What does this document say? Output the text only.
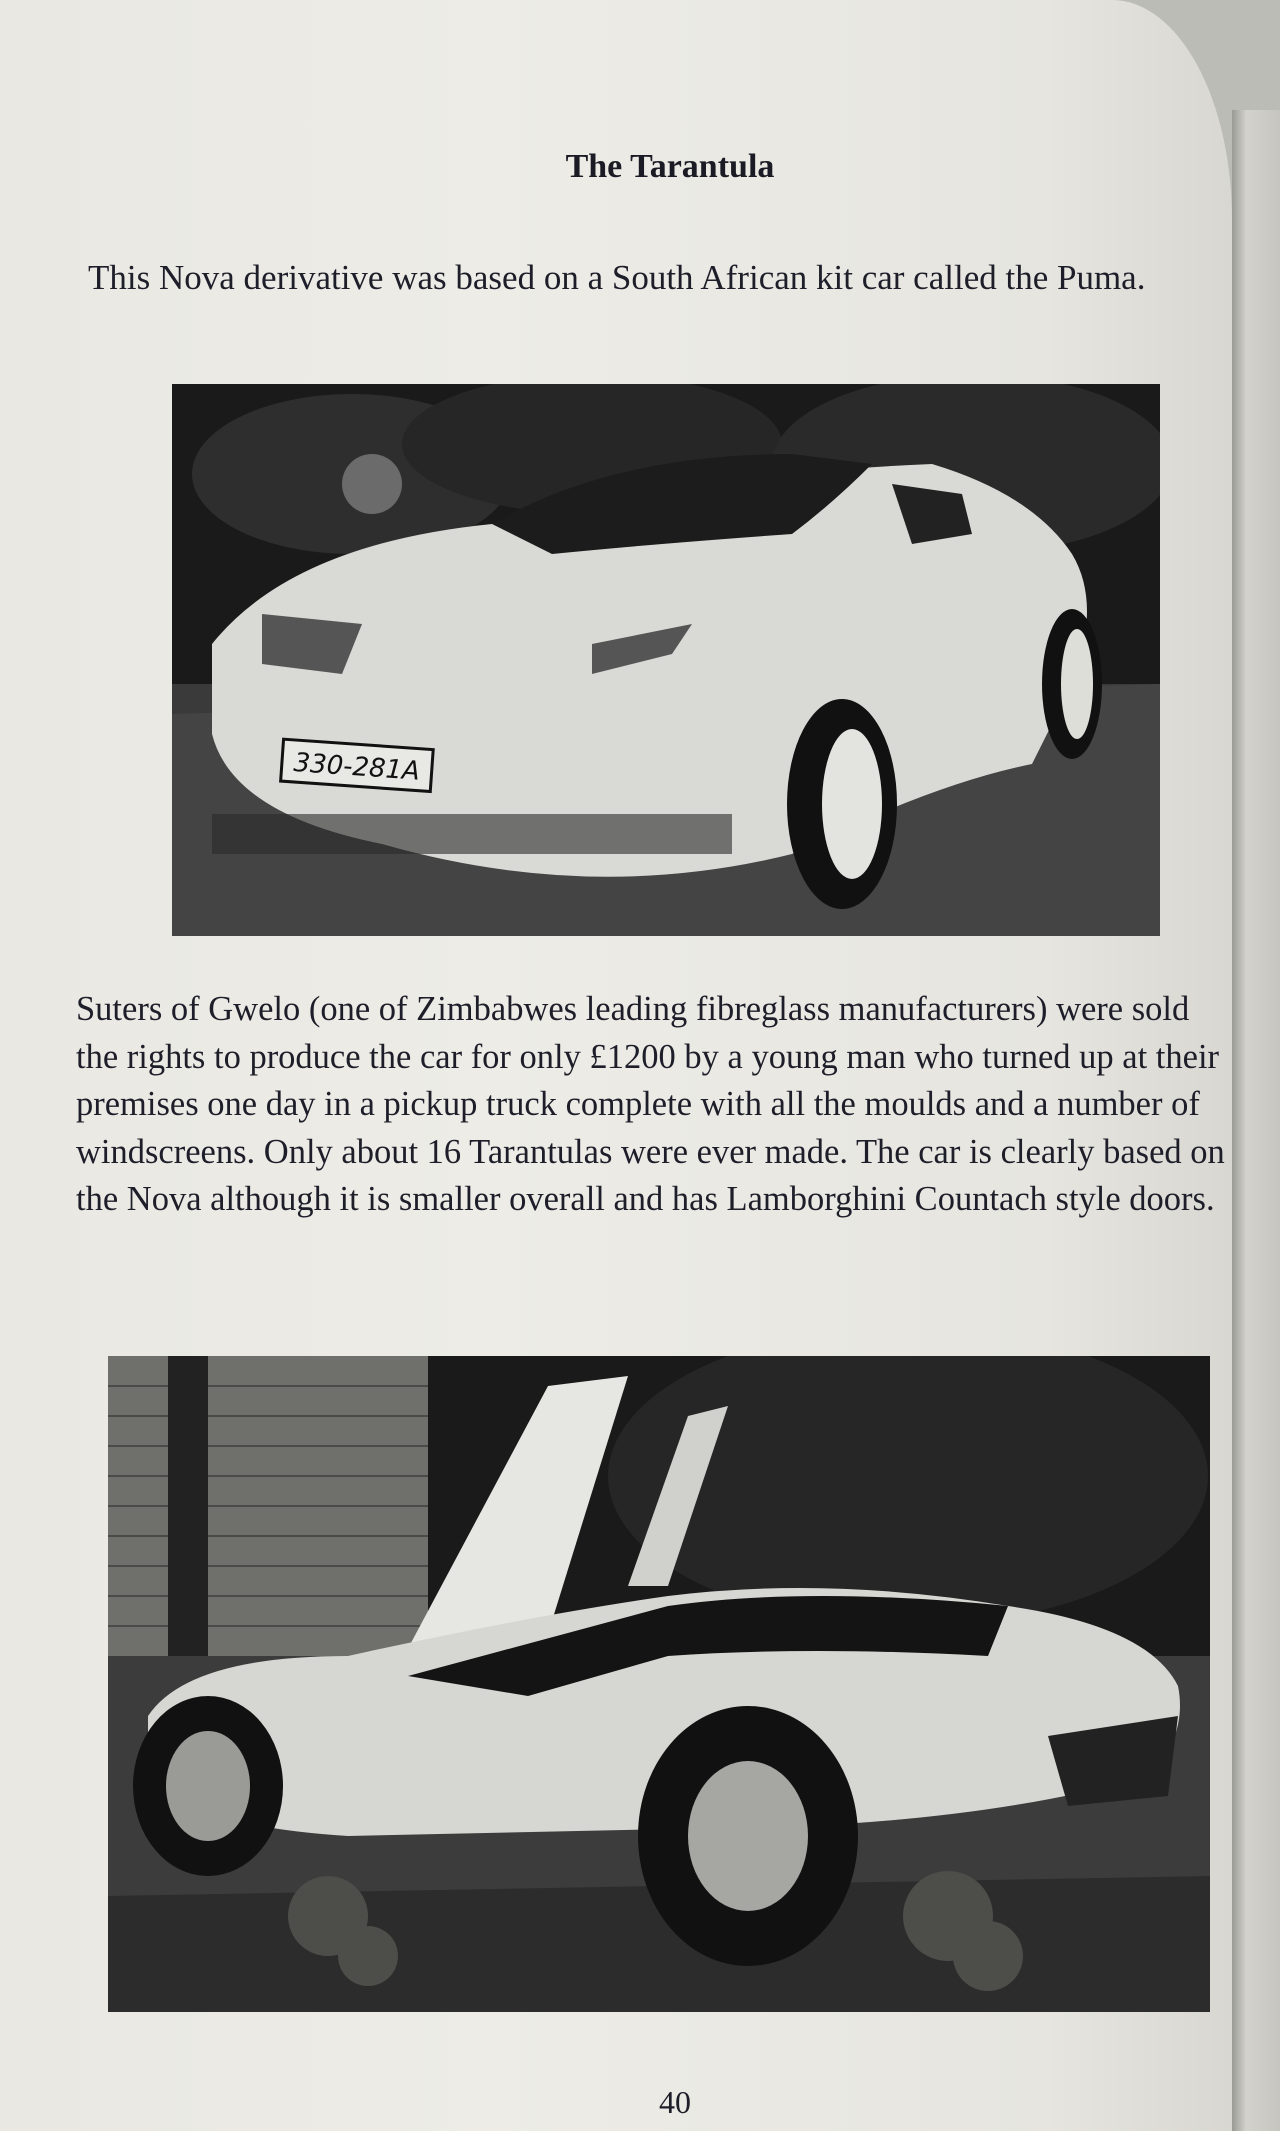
The Tarantula

This Nova derivative was based on a South African kit car called the Puma.

330-281A

Suters of Gwelo (one of Zimbabwes leading fibreglass manufacturers) were sold the rights to produce the car for only £1200 by a young man who turned up at their premises one day in a pickup truck complete with all the moulds and a number of windscreens. Only about 16 Tarantulas were ever made. The car is clearly based on the Nova although it is smaller overall and has Lamborghini Countach style doors.

40
